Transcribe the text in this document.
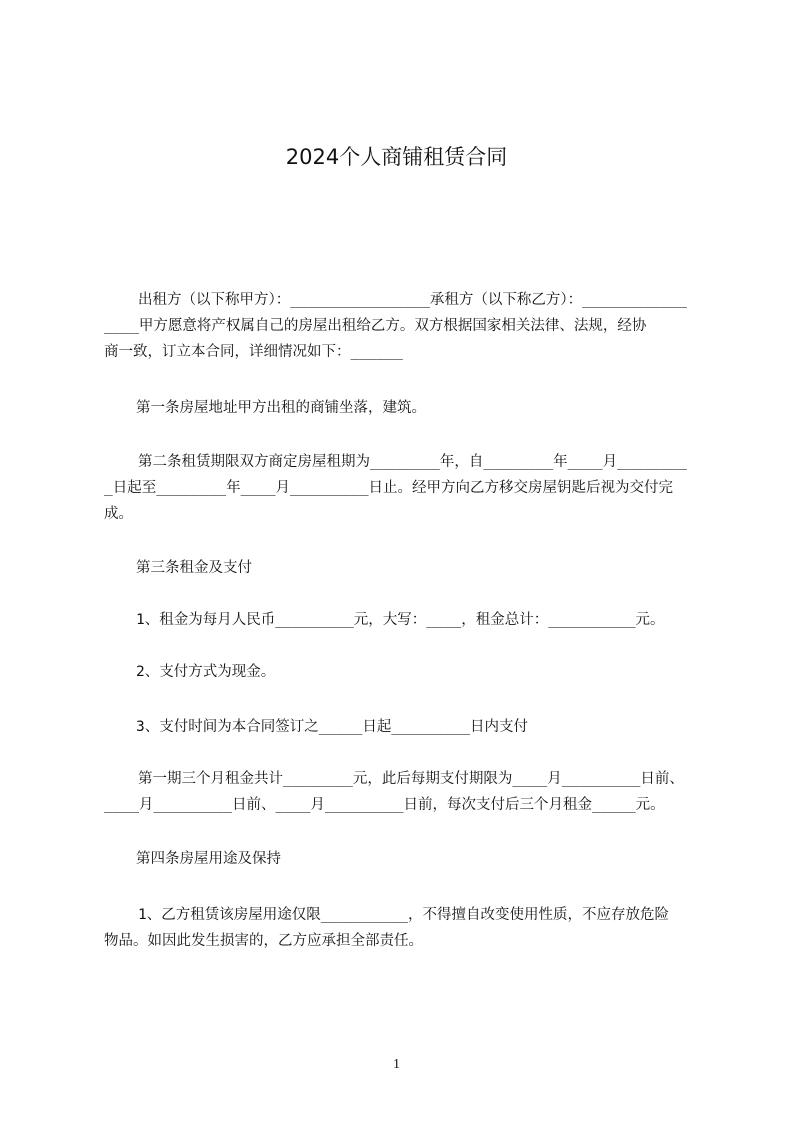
2024个人商铺租赁合同
出租方（以下称甲方）：________________承租方（以下称乙方）：____________
____甲方愿意将产权属自己的房屋出租给乙方。双方根据国家相关法律、法规，经协
商一致，订立本合同，详细情况如下：______
第一条房屋地址甲方出租的商铺坐落，建筑。
第二条租赁期限双方商定房屋租期为________年，自________年____月________
_日起至________年____月_________日止。经甲方向乙方移交房屋钥匙后视为交付完
成。
第三条租金及支付
1、租金为每月人民币_________元，大写：____，租金总计：__________元。
2、支付方式为现金。
3、支付时间为本合同签订之_____日起_________日内支付
第一期三个月租金共计________元，此后每期支付期限为____月_________日前、
____月_________日前、____月_________日前，每次支付后三个月租金_____元。
第四条房屋用途及保持
1、乙方租赁该房屋用途仅限__________，不得擅自改变使用性质，不应存放危险
物品。如因此发生损害的，乙方应承担全部责任。
1
